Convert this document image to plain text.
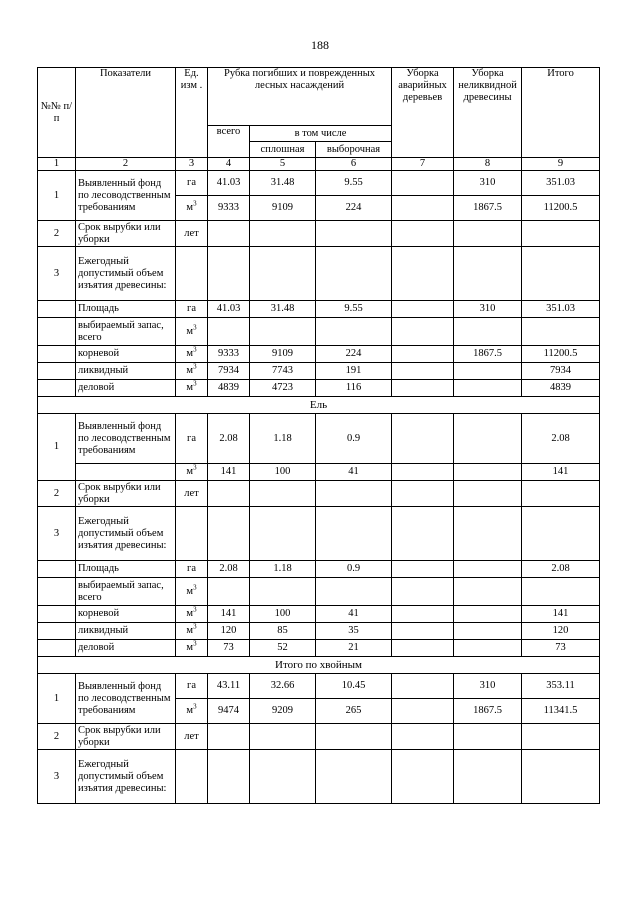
188
№№ п/п	Показатели	Ед. изм .	Рубка погибших и поврежденных лесных насаждений			Уборка аварийных деревьев	Уборка неликвидной древесины	Итого
			всего	в том числе				
				сплошная	выборочная			
1	2	3	4	5	6	7	8	9
1	Выявленный фонд по лесоводственным требованиям	га	41.03	31.48	9.55		310	351.03
		$м^3$	9333	9109	224		1867.5	11200.5
2	Срок вырубки или уборки	лет						
3	Ежегодный допустимый объем изъятия древесины:							
	Площадь	га	41.03	31.48	9.55		310	351.03
	выбираемый запас, всего	$м^3$						
	корневой	$м^3$	9333	9109	224		1867.5	11200.5
	ликвидный	$м^3$	7934	7743	191			7934
	деловой	$м^3$	4839	4723	116			4839
Ель								
1	Выявленный фонд по лесоводственным требованиям	га	2.08	1.18	0.9			2.08
		$м^3$	141	100	41			141
2	Срок вырубки или уборки	лет						
3	Ежегодный допустимый объем изъятия древесины:							
	Площадь	га	2.08	1.18	0.9			2.08
	выбираемый запас, всего	$м^3$						
	корневой	$м^3$	141	100	41			141
	ликвидный	$м^3$	120	85	35			120
	деловой	$м^3$	73	52	21			73
Итого по хвойным								
1	Выявленный фонд по лесоводственным требованиям	га	43.11	32.66	10.45		310	353.11
		$м^3$	9474	9209	265		1867.5	11341.5
2	Срок вырубки или уборки	лет						
3	Ежегодный допустимый объем изъятия древесины:							
